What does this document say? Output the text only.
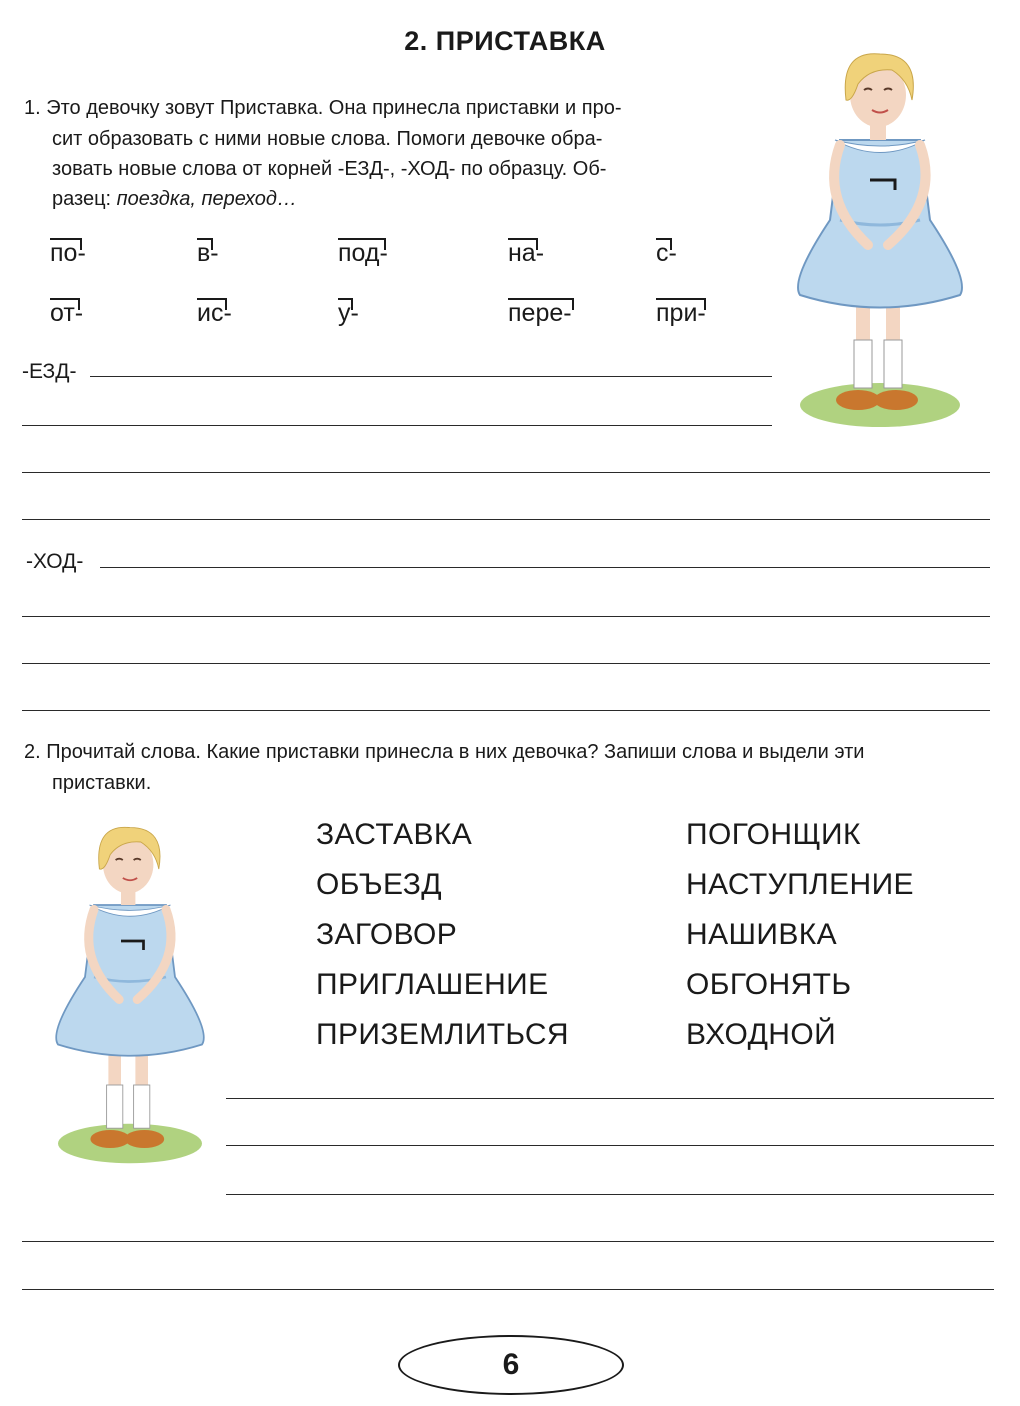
2. ПРИСТАВКА
1. Это девочку зовут Приставка. Она принесла приставки и про-
сит образовать с ними новые слова. Помоги девочке обра-
зовать новые слова от корней -ЕЗД-, -ХОД- по образцу. Об-
разец: поездка, переход…
по-	в-	под-	на-	с-
от-	ис-	у-	пере-	при-
-ЕЗД-
-ХОД-
2. Прочитай слова. Какие приставки принесла в них девочка? Запиши слова и выдели эти
приставки.
ЗАСТАВКА
ОБЪЕЗД
ЗАГОВОР
ПРИГЛАШЕНИЕ
ПРИЗЕМЛИТЬСЯ
ПОГОНЩИК
НАСТУПЛЕНИЕ
НАШИВКА
ОБГОНЯТЬ
ВХОДНОЙ
6
